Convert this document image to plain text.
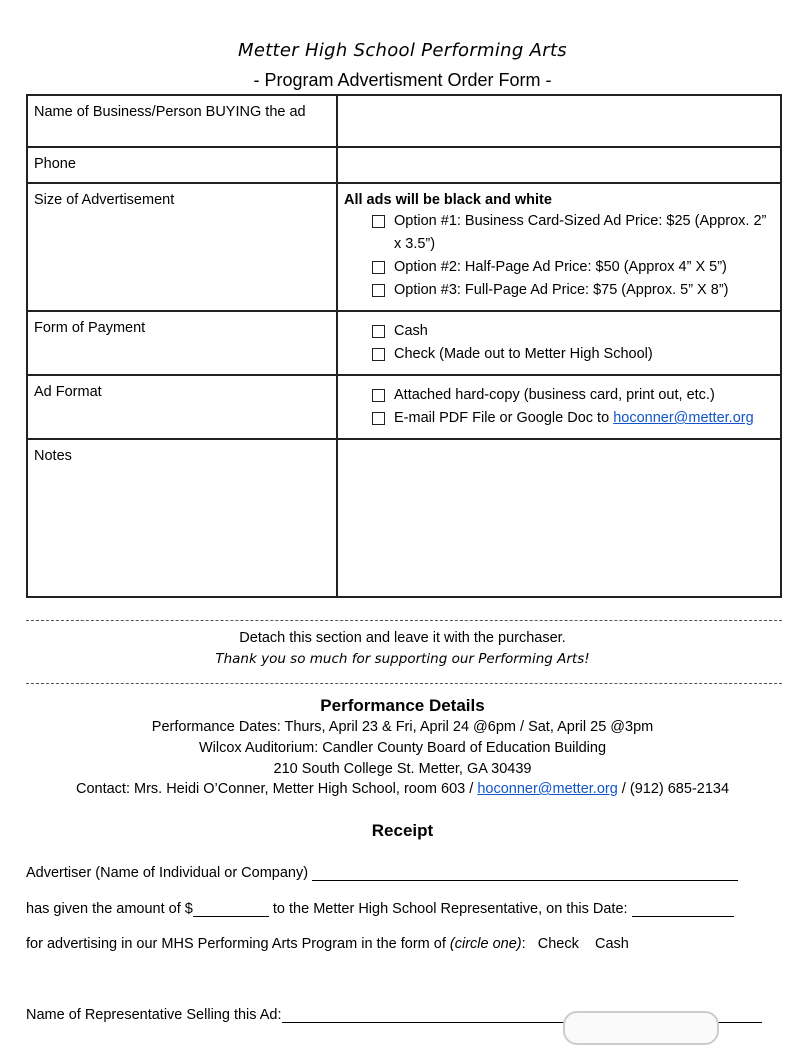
Metter High School Performing Arts
- Program Advertisment Order Form -
Name of Business/Person BUYING the ad	
Phone	
Size of Advertisement	All ads will be black and white
Option #1: Business Card-Sized Ad Price: $25 (Approx. 2” x 3.5”)
Option #2: Half-Page Ad Price: $50 (Approx 4” X 5”)
Option #3: Full-Page Ad Price: $75 (Approx. 5” X 8”)

Form of Payment	Cash
Check (Made out to Metter High School)

Ad Format	Attached hard-copy (business card, print out, etc.)
E-mail PDF File or Google Doc to hoconner@metter.org

Notes	
Detach this section and leave it with the purchaser.
Thank you so much for supporting our Performing Arts!
Performance Details
Performance Dates: Thurs, April 23 & Fri, April 24 @6pm / Sat, April 25 @3pm
Wilcox Auditorium: Candler County Board of Education Building
210 South College St. Metter, GA 30439
Contact: Mrs. Heidi O’Conner, Metter High School, room 603 / hoconner@metter.org / (912) 685-2134
Receipt
Advertiser (Name of Individual or Company)
has given the amount of $	to the Metter High School Representative, on this Date:
for advertising in our MHS Performing Arts Program in the form of (circle one): Check Cash
Name of Representative Selling this Ad:
